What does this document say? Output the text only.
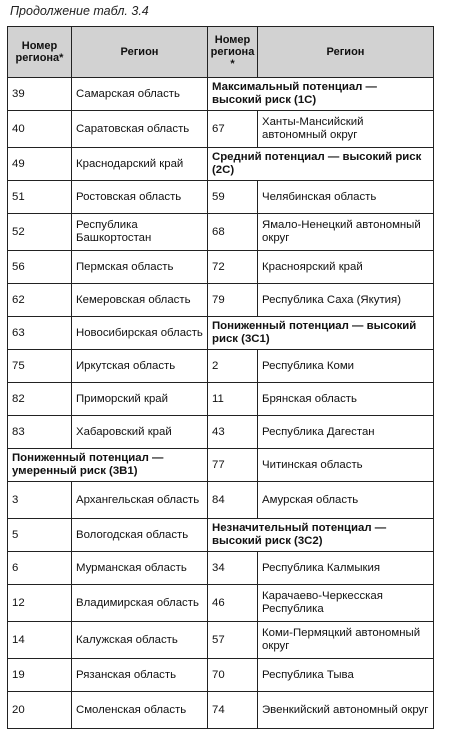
Продолжение табл. 3.4
Номер региона*	Регион	Номер региона*	Регион
39	Самарская область	Максимальный потенциал — высокий риск (1C)	
40	Саратовская область	67	Ханты-Мансийский автономный округ
49	Краснодарский край	Средний потенциал — высокий риск (2C)	
51	Ростовская область	59	Челябинская область
52	Республика Башкортостан	68	Ямало-Ненецкий автономный округ
56	Пермская область	72	Красноярский край
62	Кемеровская область	79	Республика Саха (Якутия)
63	Новосибирская область	Пониженный потенциал — высокий риск (3C1)	
75	Иркутская область	2	Республика Коми
82	Приморский край	11	Брянская область
83	Хабаровский край	43	Республика Дагестан
Пониженный потенциал — умеренный риск (3B1)		77	Читинская область
3	Архангельская область	84	Амурская область
5	Вологодская область	Незначительный потенциал — высокий риск (3C2)	
6	Мурманская область	34	Республика Калмыкия
12	Владимирская область	46	Карачаево-Черкесская Республика
14	Калужская область	57	Коми-Пермяцкий автономный округ
19	Рязанская область	70	Республика Тыва
20	Смоленская область	74	Эвенкийский автономный округ
